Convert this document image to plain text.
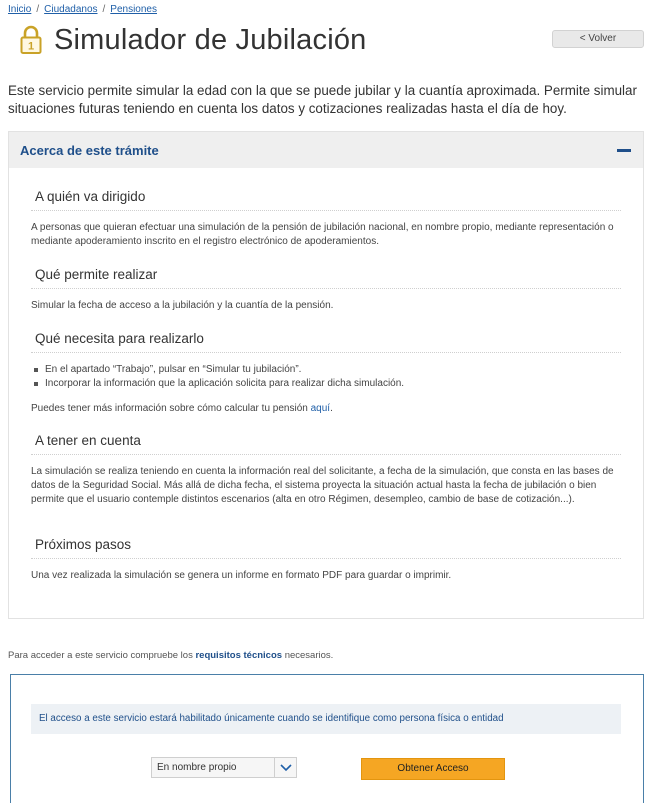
Inicio / Ciudadanos / Pensiones
1 Simulador de Jubilación	< Volver

Este servicio permite simular la edad con la que se puede jubilar y la cuantía aproximada. Permite simular situaciones futuras teniendo en cuenta los datos y cotizaciones realizadas hasta el día de hoy.

Acerca de este trámite
A quién va dirigido

A personas que quieran efectuar una simulación de la pensión de jubilación nacional, en nombre propio, mediante representación o mediante apoderamiento inscrito en el registro electrónico de apoderamientos.

Qué permite realizar

Simular la fecha de acceso a la jubilación y la cuantía de la pensión.

Qué necesita para realizarlo
En el apartado “Trabajo”, pulsar en “Simular tu jubilación”.
Incorporar la información que la aplicación solicita para realizar dicha simulación.

Puedes tener más información sobre cómo calcular tu pensión aquí.

A tener en cuenta

La simulación se realiza teniendo en cuenta la información real del solicitante, a fecha de la simulación, que consta en las bases de datos de la Seguridad Social. Más allá de dicha fecha, el sistema proyecta la situación actual hasta la fecha de jubilación o bien permite que el usuario contemple distintos escenarios (alta en otro Régimen, desempleo, cambio de base de cotización...).

Próximos pasos

Una vez realizada la simulación se genera un informe en formato PDF para guardar o imprimir.

Para acceder a este servicio compruebe los requisitos técnicos necesarios.

El acceso a este servicio estará habilitado únicamente cuando se identifique como persona física o entidad
En nombre propio	Obtener Acceso
